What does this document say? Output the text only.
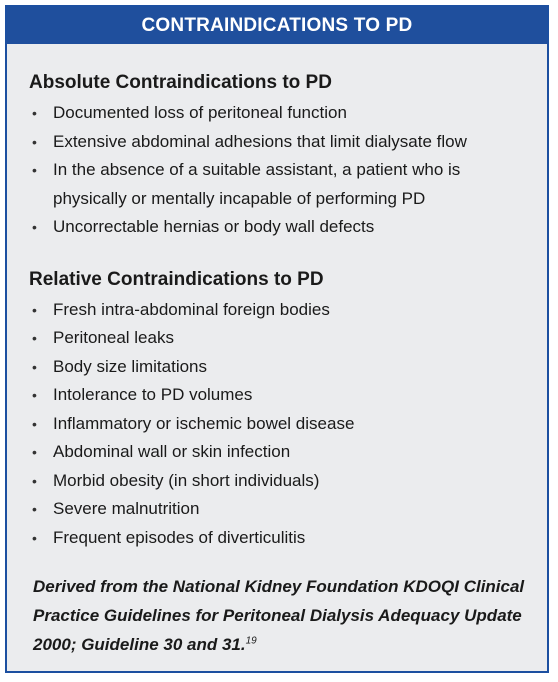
CONTRAINDICATIONS TO PD
Absolute Contraindications to PD
• Documented loss of peritoneal function
• Extensive abdominal adhesions that limit dialysate flow
• In the absence of a suitable assistant, a patient who is physically or mentally incapable of performing PD
• Uncorrectable hernias or body wall defects
Relative Contraindications to PD
• Fresh intra-abdominal foreign bodies
• Peritoneal leaks
• Body size limitations
• Intolerance to PD volumes
• Inflammatory or ischemic bowel disease
• Abdominal wall or skin infection
• Morbid obesity (in short individuals)
• Severe malnutrition
• Frequent episodes of diverticulitis
Derived from the National Kidney Foundation KDOQI Clinical Practice Guidelines for Peritoneal Dialysis Adequacy Update 2000; Guideline 30 and 31.19
